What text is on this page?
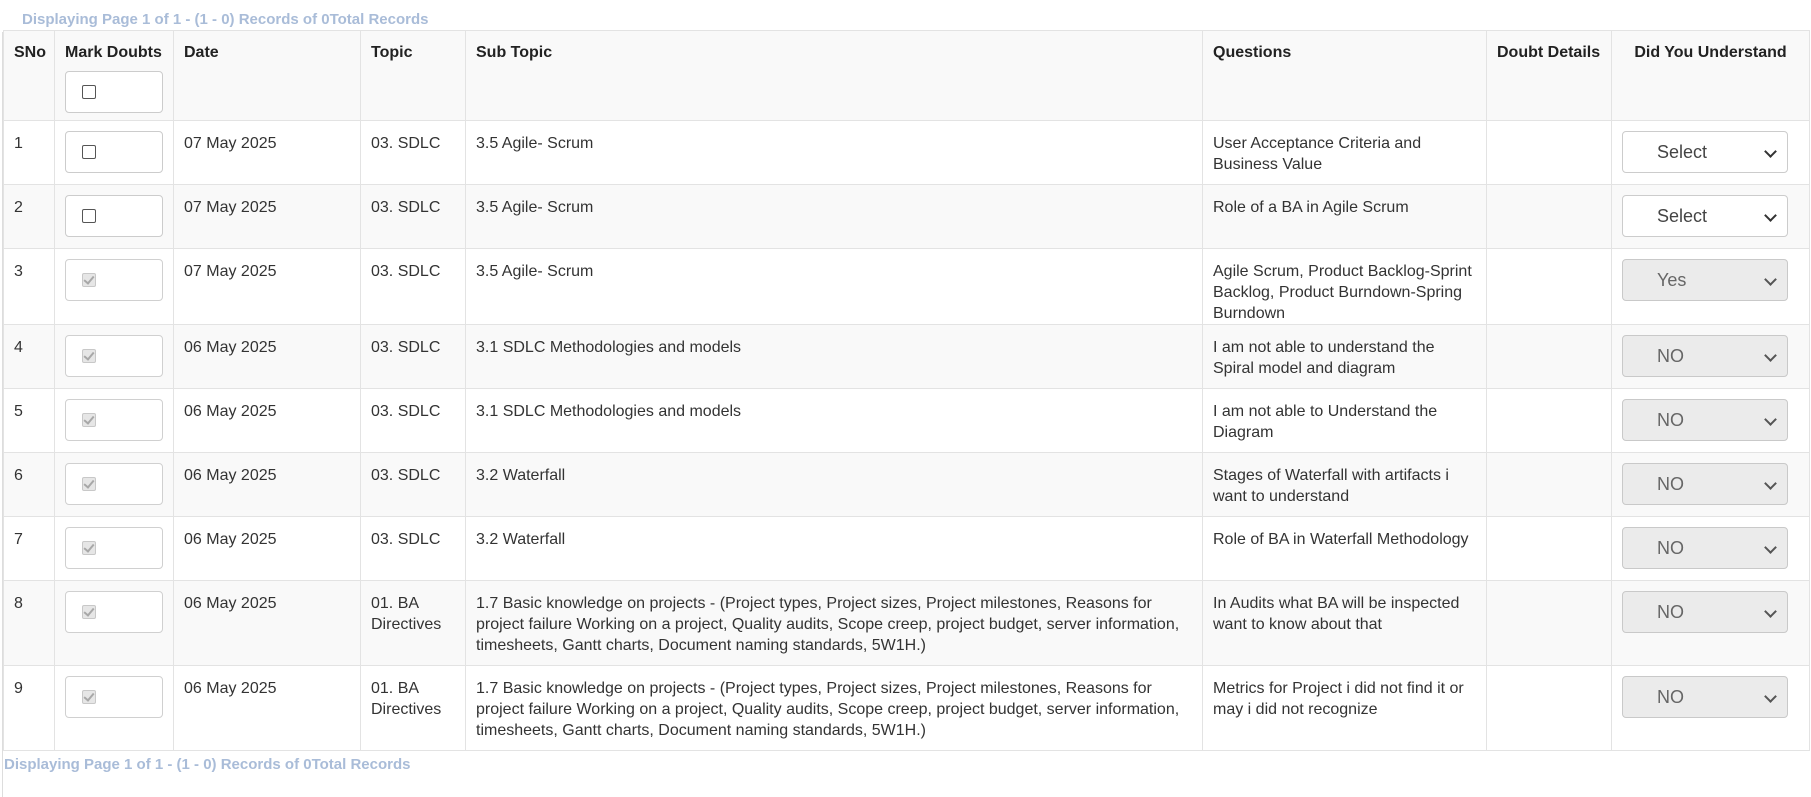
Displaying Page 1 of 1 - (1 - 0) Records of 0Total Records
SNo	Mark Doubts	Date	Topic	Sub Topic	Questions	Doubt Details	Did You Understand
1		07 May 2025	03. SDLC	3.5 Agile- Scrum	User Acceptance Criteria and Business Value		Select

2		07 May 2025	03. SDLC	3.5 Agile- Scrum	Role of a BA in Agile Scrum		Select

3		07 May 2025	03. SDLC	3.5 Agile- Scrum	Agile Scrum, Product Backlog-Sprint Backlog, Product Burndown-Spring Burndown		Yes

4		06 May 2025	03. SDLC	3.1 SDLC Methodologies and models	I am not able to understand the Spiral model and diagram		NO

5		06 May 2025	03. SDLC	3.1 SDLC Methodologies and models	I am not able to Understand the Diagram		NO

6		06 May 2025	03. SDLC	3.2 Waterfall	Stages of Waterfall with artifacts i want to understand		NO

7		06 May 2025	03. SDLC	3.2 Waterfall	Role of BA in Waterfall Methodology		NO

8		06 May 2025	01. BA Directives	1.7 Basic knowledge on projects - (Project types, Project sizes, Project milestones, Reasons for project failure Working on a project, Quality audits, Scope creep, project budget, server information, timesheets, Gantt charts, Document naming standards, 5W1H.)	In Audits what BA will be inspected want to know about that		NO

9		06 May 2025	01. BA Directives	1.7 Basic knowledge on projects - (Project types, Project sizes, Project milestones, Reasons for project failure Working on a project, Quality audits, Scope creep, project budget, server information, timesheets, Gantt charts, Document naming standards, 5W1H.)	Metrics for Project i did not find it or may i did not recognize		NO
Displaying Page 1 of 1 - (1 - 0) Records of 0Total Records
